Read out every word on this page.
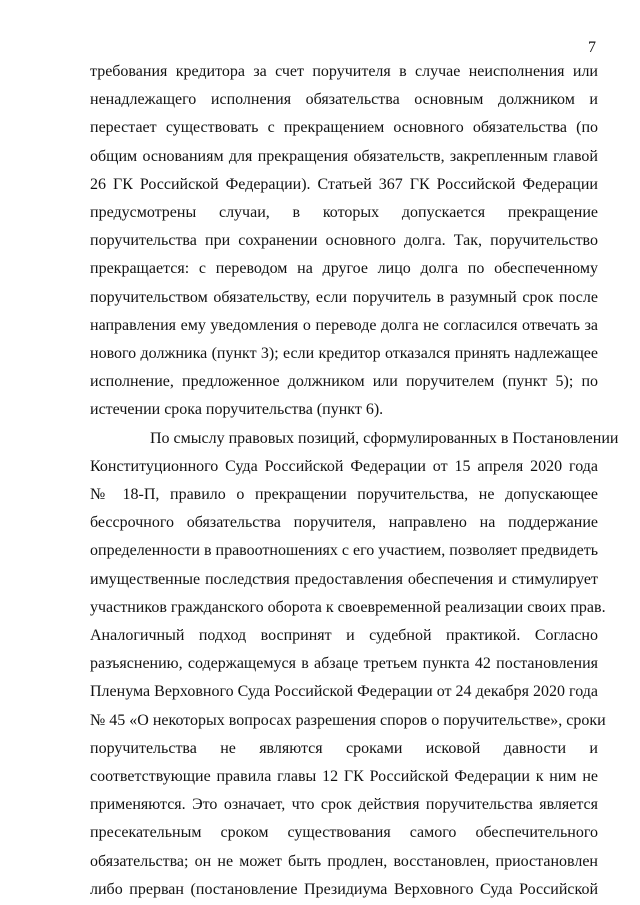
7

требования кредитора за счет поручителя в случае неисполнения или
ненадлежащего исполнения обязательства основным должником и
перестает существовать с прекращением основного обязательства (по
общим основаниям для прекращения обязательств, закрепленным главой
26 ГК Российской Федерации). Статьей 367 ГК Российской Федерации
предусмотрены случаи, в которых допускается прекращение
поручительства при сохранении основного долга. Так, поручительство
прекращается: с переводом на другое лицо долга по обеспеченному
поручительством обязательству, если поручитель в разумный срок после
направления ему уведомления о переводе долга не согласился отвечать за
нового должника (пункт 3); если кредитор отказался принять надлежащее
исполнение, предложенное должником или поручителем (пункт 5); по
истечении срока поручительства (пункт 6).

По смыслу правовых позиций, сформулированных в Постановлении
Конституционного Суда Российской Федерации от 15 апреля 2020 года
№ 18-П, правило о прекращении поручительства, не допускающее
бессрочного обязательства поручителя, направлено на поддержание
определенности в правоотношениях с его участием, позволяет предвидеть
имущественные последствия предоставления обеспечения и стимулирует
участников гражданского оборота к своевременной реализации своих прав.
Аналогичный подход воспринят и судебной практикой. Согласно
разъяснению, содержащемуся в абзаце третьем пункта 42 постановления
Пленума Верховного Суда Российской Федерации от 24 декабря 2020 года
№ 45 «О некоторых вопросах разрешения споров о поручительстве», сроки
поручительства не являются сроками исковой давности и
соответствующие правила главы 12 ГК Российской Федерации к ним не
применяются. Это означает, что срок действия поручительства является
пресекательным сроком существования самого обеспечительного
обязательства; он не может быть продлен, восстановлен, приостановлен
либо прерван (постановление Президиума Верховного Суда Российской
